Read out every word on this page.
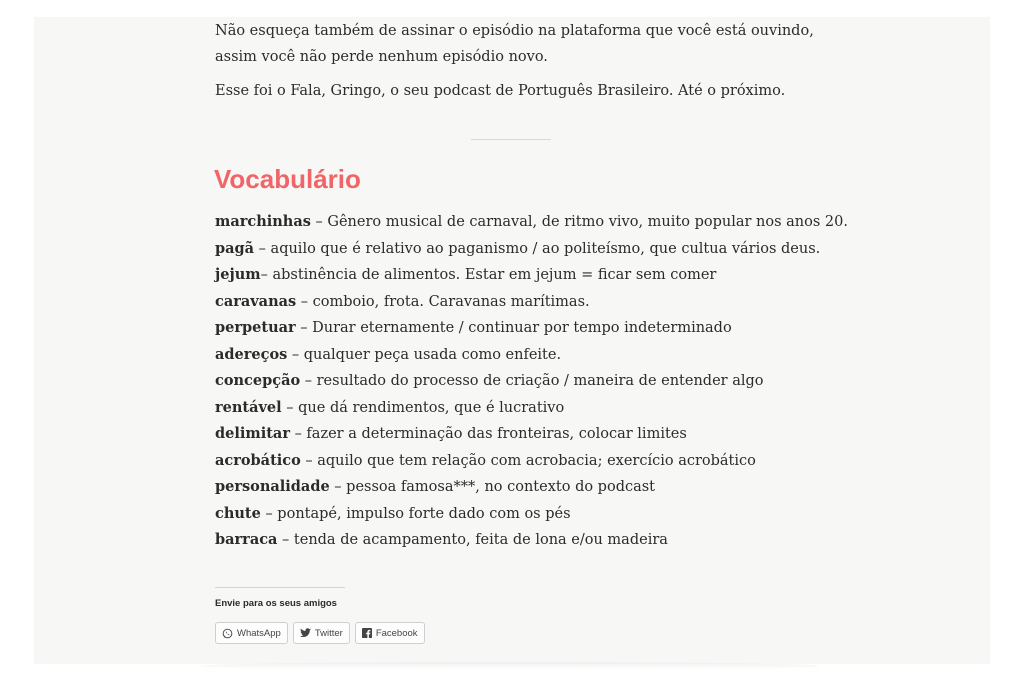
Não esqueça também de assinar o episódio na plataforma que você está ouvindo, assim você não perde nenhum episódio novo.

Esse foi o Fala, Gringo, o seu podcast de Português Brasileiro. Até o próximo.

Vocabulário
marchinhas – Gênero musical de carnaval, de ritmo vivo, muito popular nos anos 20.
pagã – aquilo que é relativo ao paganismo / ao politeísmo, que cultua vários deus.
jejum– abstinência de alimentos. Estar em jejum = ficar sem comer
caravanas – comboio, frota. Caravanas marítimas.
perpetuar – Durar eternamente / continuar por tempo indeterminado
adereços – qualquer peça usada como enfeite.
concepção – resultado do processo de criação / maneira de entender algo
rentável – que dá rendimentos, que é lucrativo
delimitar – fazer a determinação das fronteiras, colocar limites
acrobático – aquilo que tem relação com acrobacia; exercício acrobático
personalidade – pessoa famosa***, no contexto do podcast
chute – pontapé, impulso forte dado com os pés
barraca – tenda de acampamento, feita de lona e/ou madeira
Envie para os seus amigos
WhatsApp	Twitter	Facebook
